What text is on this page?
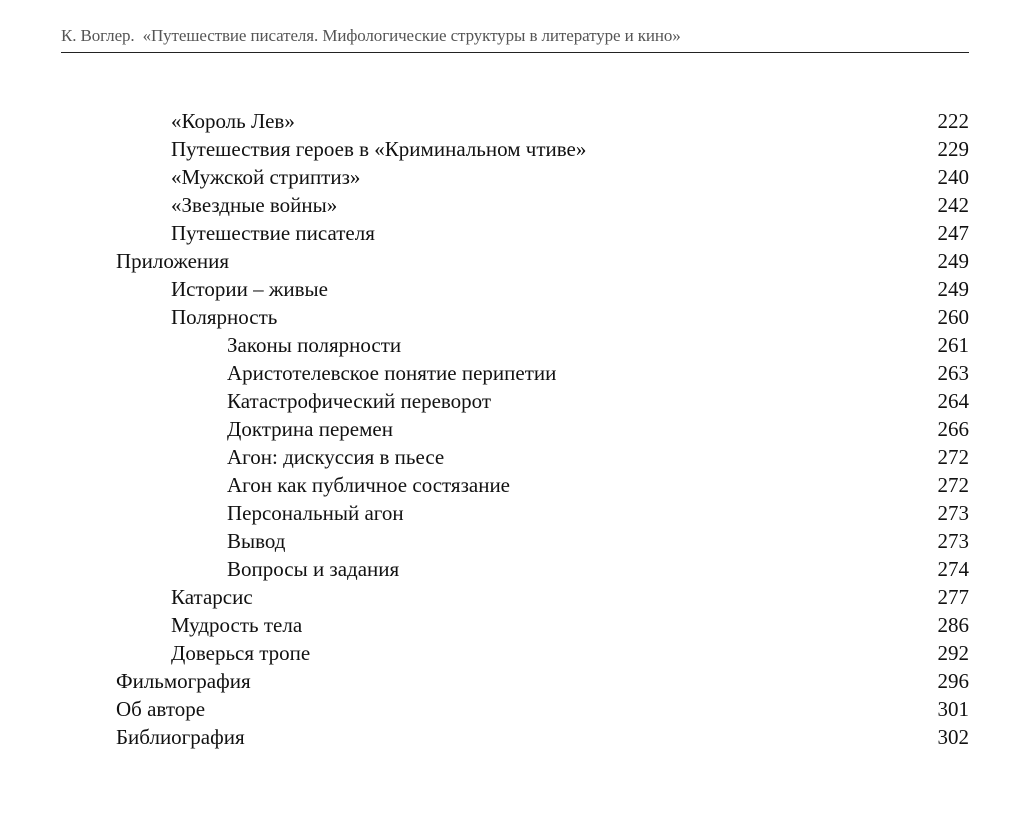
К. Воглер. «Путешествие писателя. Мифологические структуры в литературе и кино»
«Король Лев»	222
Путешествия героев в «Криминальном чтиве»	229
«Мужской стриптиз»	240
«Звездные войны»	242
Путешествие писателя	247
Приложения	249
Истории – живые	249
Полярность	260
Законы полярности	261
Аристотелевское понятие перипетии	263
Катастрофический переворот	264
Доктрина перемен	266
Агон: дискуссия в пьесе	272
Агон как публичное состязание	272
Персональный агон	273
Вывод	273
Вопросы и задания	274
Катарсис	277
Мудрость тела	286
Доверься тропе	292
Фильмография	296
Об авторе	301
Библиография	302
